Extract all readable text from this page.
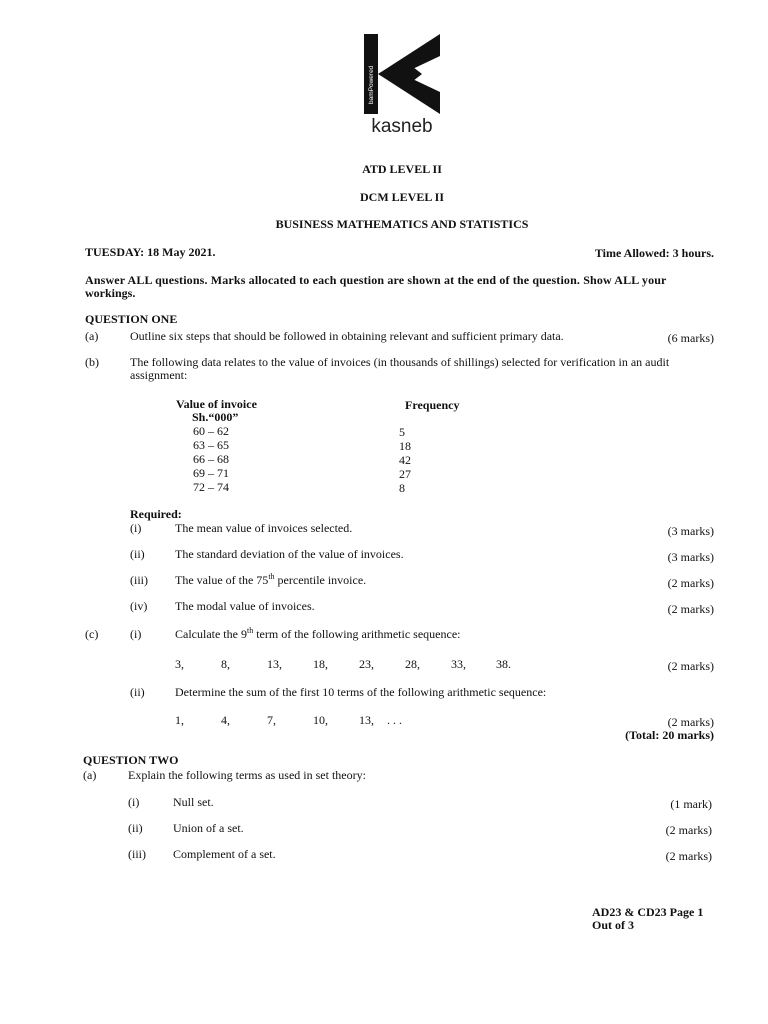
bamPowered
kasneb
ATD LEVEL II
DCM LEVEL II
BUSINESS MATHEMATICS AND STATISTICS
TUESDAY: 18 May 2021.	Time Allowed: 3 hours.
Answer ALL questions. Marks allocated to each question are shown at the end of the question. Show ALL your
workings.
QUESTION ONE
(a)	Outline six steps that should be followed in obtaining relevant and sufficient primary data.	(6 marks)
(b)	The following data relates to the value of invoices (in thousands of shillings) selected for verification in an audit
assignment:
Value of invoice
Sh.“000”
Frequency
60 – 62	5
63 – 65	18
66 – 68	42
69 – 71	27
72 – 74	8
Required:
(i)	The mean value of invoices selected.	(3 marks)
(ii)	The standard deviation of the value of invoices.	(3 marks)
(iii) The value of the 75th percentile invoice.	(2 marks)
(iv) The modal value of invoices.	(2 marks)
(c)	(i)	Calculate the 9th term of the following arithmetic sequence:
3,	8,	13,	18,	23,	28,	33,	38.	(2 marks)
(ii)	Determine the sum of the first 10 terms of the following arithmetic sequence:
1,	4,	7,	10,	13, . . .	(2 marks)
(Total: 20 marks)
QUESTION TWO
(a)	Explain the following terms as used in set theory:
(i)	Null set.	(1 mark)
(ii)	Union of a set.	(2 marks)
(iii) Complement of a set.	(2 marks)
AD23 & CD23 Page 1
Out of 3
